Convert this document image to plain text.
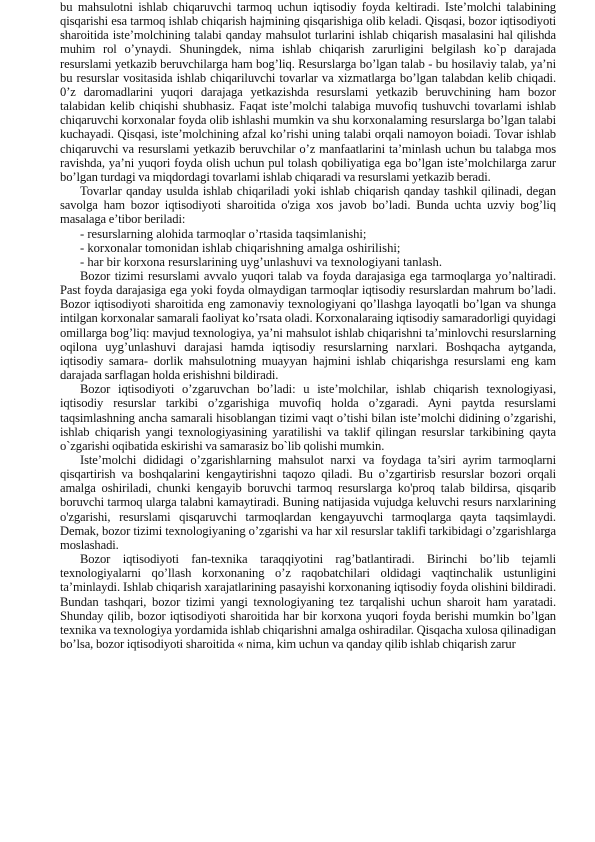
bu mahsulotni ishlab chiqaruvchi tarmoq uchun iqtisodiy foyda keltiradi. Iste’molchi talabining qisqarishi esa tarmoq ishlab chiqarish hajmining qisqarishiga olib keladi. Qisqasi, bozor iqtisodiyoti sharoitida iste’molchining talabi qanday mahsulot turlarini ishlab chiqarish masalasini hal qilishda muhim rol o’ynaydi. Shuningdek, nima ishlab chiqarish zarurligini belgilash ko`p darajada resurslami yetkazib beruvchilarga ham bog’liq. Resurslarga bo’lgan talab - bu hosilaviy talab, ya’ni bu resurslar vositasida ishlab chiqariluvchi tovarlar va xizmatlarga bo’lgan talabdan kelib chiqadi. 0’z daromadlarini yuqori darajaga yetkazishda resurslami yetkazib beruvchining ham bozor talabidan kelib chiqishi shubhasiz. Faqat iste’molchi talabiga muvofiq tushuvchi tovarlami ishlab chiqaruvchi korxonalar foyda olib ishlashi mumkin va shu korxonalaming resurslarga bo’lgan talabi kuchayadi. Qisqasi, iste’molchining afzal ko’rishi uning talabi orqali namoyon boiadi. Tovar ishlab chiqaruvchi va resurslami yetkazib beruvchilar o’z manfaatlarini ta’minlash uchun bu talabga mos ravishda, ya’ni yuqori foyda olish uchun pul tolash qobiliyatiga ega bo’lgan iste’molchilarga zarur bo’lgan turdagi va miqdordagi tovarlami ishlab chiqaradi va resurslami yetkazib beradi.

Tovarlar qanday usulda ishlab chiqariladi yoki ishlab chiqarish qanday tashkil qilinadi, degan savolga ham bozor iqtisodiyoti sharoitida o'ziga xos javob bo’ladi. Bunda uchta uzviy bog’liq masalaga e’tibor beriladi:

- resurslarning alohida tarmoqlar o’rtasida taqsimlanishi;

- korxonalar tomonidan ishlab chiqarishning amalga oshirilishi;

- har bir korxona resurslarining uyg’unlashuvi va texnologiyani tanlash.

Bozor tizimi resurslami avvalo yuqori talab va foyda darajasiga ega tarmoqlarga yo’naltiradi. Past foyda darajasiga ega yoki foyda olmaydigan tarmoqlar iqtisodiy resurslardan mahrum bo’ladi. Bozor iqtisodiyoti sharoitida eng zamonaviy texnologiyani qo’llashga layoqatli bo’lgan va shunga intilgan korxonalar samarali faoliyat ko’rsata oladi. Korxonalaraing iqtisodiy samaradorligi quyidagi omillarga bog’liq: mavjud texnologiya, ya’ni mahsulot ishlab chiqarishni ta’minlovchi resurslarning oqilona uyg’unlashuvi darajasi hamda iqtisodiy resurslarning narxlari. Boshqacha aytganda, iqtisodiy samara- dorlik mahsulotning muayyan hajmini ishlab chiqarishga resurslami eng kam darajada sarflagan holda erishishni bildiradi.

Bozor iqtisodiyoti o’zgaruvchan bo’ladi: u iste’molchilar, ishlab chiqarish texnologiyasi, iqtisodiy resurslar tarkibi o’zgarishiga muvofiq holda o’zgaradi. Ayni paytda resurslami taqsimlashning ancha samarali hisoblangan tizimi vaqt o’tishi bilan iste’molchi didining o’zgarishi, ishlab chiqarish yangi texnologiyasining yaratilishi va taklif qilingan resurslar tarkibining qayta o`zgarishi oqibatida eskirishi va samarasiz bo`lib qolishi mumkin.

Iste’molchi dididagi o’zgarishlarning mahsulot narxi va foydaga ta’siri ayrim tarmoqlarni qisqartirish va boshqalarini kengaytirishni taqozo qiladi. Bu o’zgartirisb resurslar bozori orqali amalga oshiriladi, chunki kengayib boruvchi tarmoq resurslarga ko'proq talab bildirsa, qisqarib boruvchi tarmoq ularga talabni kamaytiradi. Buning natijasida vujudga keluvchi resurs narxlarining o'zgarishi, resurslami qisqaruvchi tarmoqlardan kengayuvchi tarmoqlarga qayta taqsimlaydi. Demak, bozor tizimi texnologiyaning o’zgarishi va har xil resurslar taklifi tarkibidagi o’zgarishlarga moslashadi.

Bozor iqtisodiyoti fan-texnika taraqqiyotini rag’batlantiradi. Birinchi bo’lib tejamli texnologiyalarni qo’llash korxonaning o’z raqobatchilari oldidagi vaqtinchalik ustunligini ta’minlaydi. Ishlab chiqarish xarajatlarining pasayishi korxonaning iqtisodiy foyda olishini bildiradi. Bundan tashqari, bozor tizimi yangi texnologiyaning tez tarqalishi uchun sharoit ham yaratadi. Shunday qilib, bozor iqtisodiyoti sharoitida har bir korxona yuqori foyda berishi mumkin bo’lgan texnika va texnologiya yordamida ishlab chiqarishni amalga oshiradilar. Qisqacha xulosa qilinadigan bo’lsa, bozor iqtisodiyoti sharoitida « nima, kim uchun va qanday qilib ishlab chiqarish zarur
